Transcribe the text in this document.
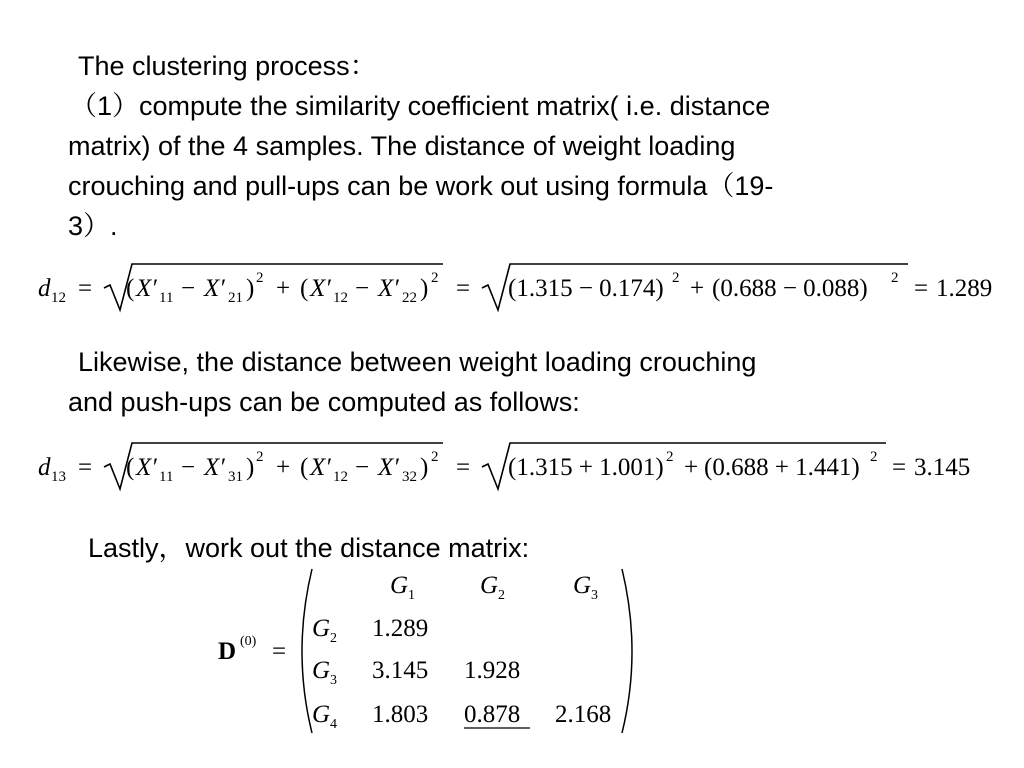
The clustering process：
（1）compute the similarity coefficient matrix( i.e. distance
matrix) of the 4 samples. The distance of weight loading
crouching and pull-ups can be work out using formula（19-
3）.
d 12 = ( X′ 11 − X′ 21 ) 2 + ( X′ 12 − X′ 22 ) 2 = (1.315 − 0.174) 2 + (0.688 − 0.088) 2 = 1.289
Likewise, the distance between weight loading crouching
and push-ups can be computed as follows:
d 13 = ( X′ 11 − X′ 31 ) 2 + ( X′ 12 − X′ 32 ) 2 = (1.315 + 1.001) 2 + (0.688 + 1.441) 2 = 3.145
Lastly，work out the distance matrix:
D (0) =
G 1	G 2	G 3
G 2 1.289
G 3 3.145 1.928
G 4 1.803 0.878 2.168
